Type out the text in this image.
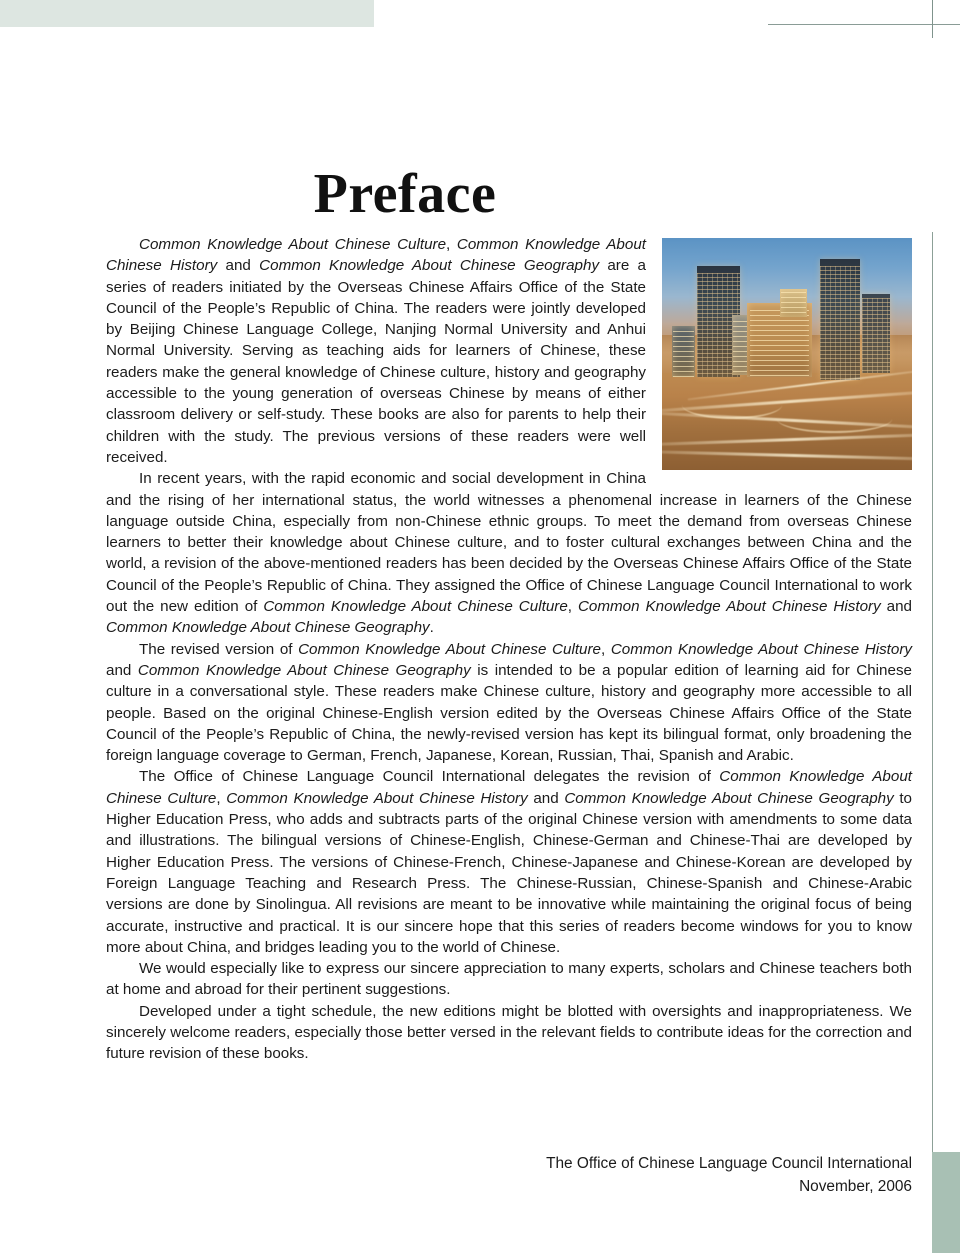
Preface

Common Knowledge About Chinese Culture, Common Knowledge About Chinese History and Common Knowledge About Chinese Geography are a series of readers initiated by the Overseas Chinese Affairs Office of the State Council of the People’s Republic of China. The readers were jointly developed by Beijing Chinese Language College, Nanjing Normal University and Anhui Normal University. Serving as teaching aids for learners of Chinese, these readers make the general knowledge of Chinese culture, history and geography accessible to the young generation of overseas Chinese by means of either classroom delivery or self-study. These books are also for parents to help their children with the study. The previous versions of these readers were well received.

In recent years, with the rapid economic and social development in China and the rising of her international status, the world witnesses a phenomenal increase in learners of the Chinese language outside China, especially from non-Chinese ethnic groups. To meet the demand from overseas Chinese learners to better their knowledge about Chinese culture, and to foster cultural exchanges between China and the world, a revision of the above-mentioned readers has been decided by the Overseas Chinese Affairs Office of the State Council of the People’s Republic of China. They assigned the Office of Chinese Language Council International to work out the new edition of Common Knowledge About Chinese Culture, Common Knowledge About Chinese History and Common Knowledge About Chinese Geography.

The revised version of Common Knowledge About Chinese Culture, Common Knowledge About Chinese History and Common Knowledge About Chinese Geography is intended to be a popular edition of learning aid for Chinese culture in a conversational style. These readers make Chinese culture, history and geography more accessible to all people. Based on the original Chinese-English version edited by the Overseas Chinese Affairs Office of the State Council of the People’s Republic of China, the newly-revised version has kept its bilingual format, only broadening the foreign language coverage to German, French, Japanese, Korean, Russian, Thai, Spanish and Arabic.

The Office of Chinese Language Council International delegates the revision of Common Knowledge About Chinese Culture, Common Knowledge About Chinese History and Common Knowledge About Chinese Geography to Higher Education Press, who adds and subtracts parts of the original Chinese version with amendments to some data and illustrations. The bilingual versions of Chinese-English, Chinese-German and Chinese-Thai are developed by Higher Education Press. The versions of Chinese-French, Chinese-Japanese and Chinese-Korean are developed by Foreign Language Teaching and Research Press. The Chinese-Russian, Chinese-Spanish and Chinese-Arabic versions are done by Sinolingua. All revisions are meant to be innovative while maintaining the original focus of being accurate, instructive and practical. It is our sincere hope that this series of readers become windows for you to know more about China, and bridges leading you to the world of Chinese.

We would especially like to express our sincere appreciation to many experts, scholars and Chinese teachers both at home and abroad for their pertinent suggestions.

Developed under a tight schedule, the new editions might be blotted with oversights and inappropriateness. We sincerely welcome readers, especially those better versed in the relevant fields to contribute ideas for the correction and future revision of these books.

The Office of Chinese Language Council International
November, 2006
